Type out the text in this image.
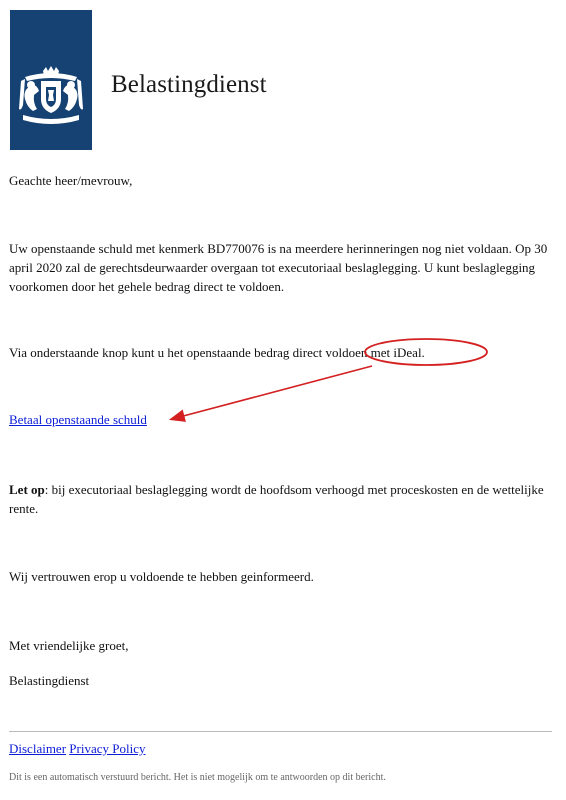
Belastingdienst

Geachte heer/mevrouw,

Uw openstaande schuld met kenmerk BD770076 is na meerdere herinneringen nog niet voldaan. Op 30 april 2020 zal de gerechtsdeurwaarder overgaan tot executoriaal beslaglegging. U kunt beslaglegging voorkomen door het gehele bedrag direct te voldoen.

Via onderstaande knop kunt u het openstaande bedrag direct voldoen met iDeal.

Betaal openstaande schuld

Let op: bij executoriaal beslaglegging wordt de hoofdsom verhoogd met proceskosten en de wettelijke rente.

Wij vertrouwen erop u voldoende te hebben geinformeerd.

Met vriendelijke groet,

Belastingdienst

Disclaimer Privacy Policy
Dit is een automatisch verstuurd bericht. Het is niet mogelijk om te antwoorden op dit bericht.
